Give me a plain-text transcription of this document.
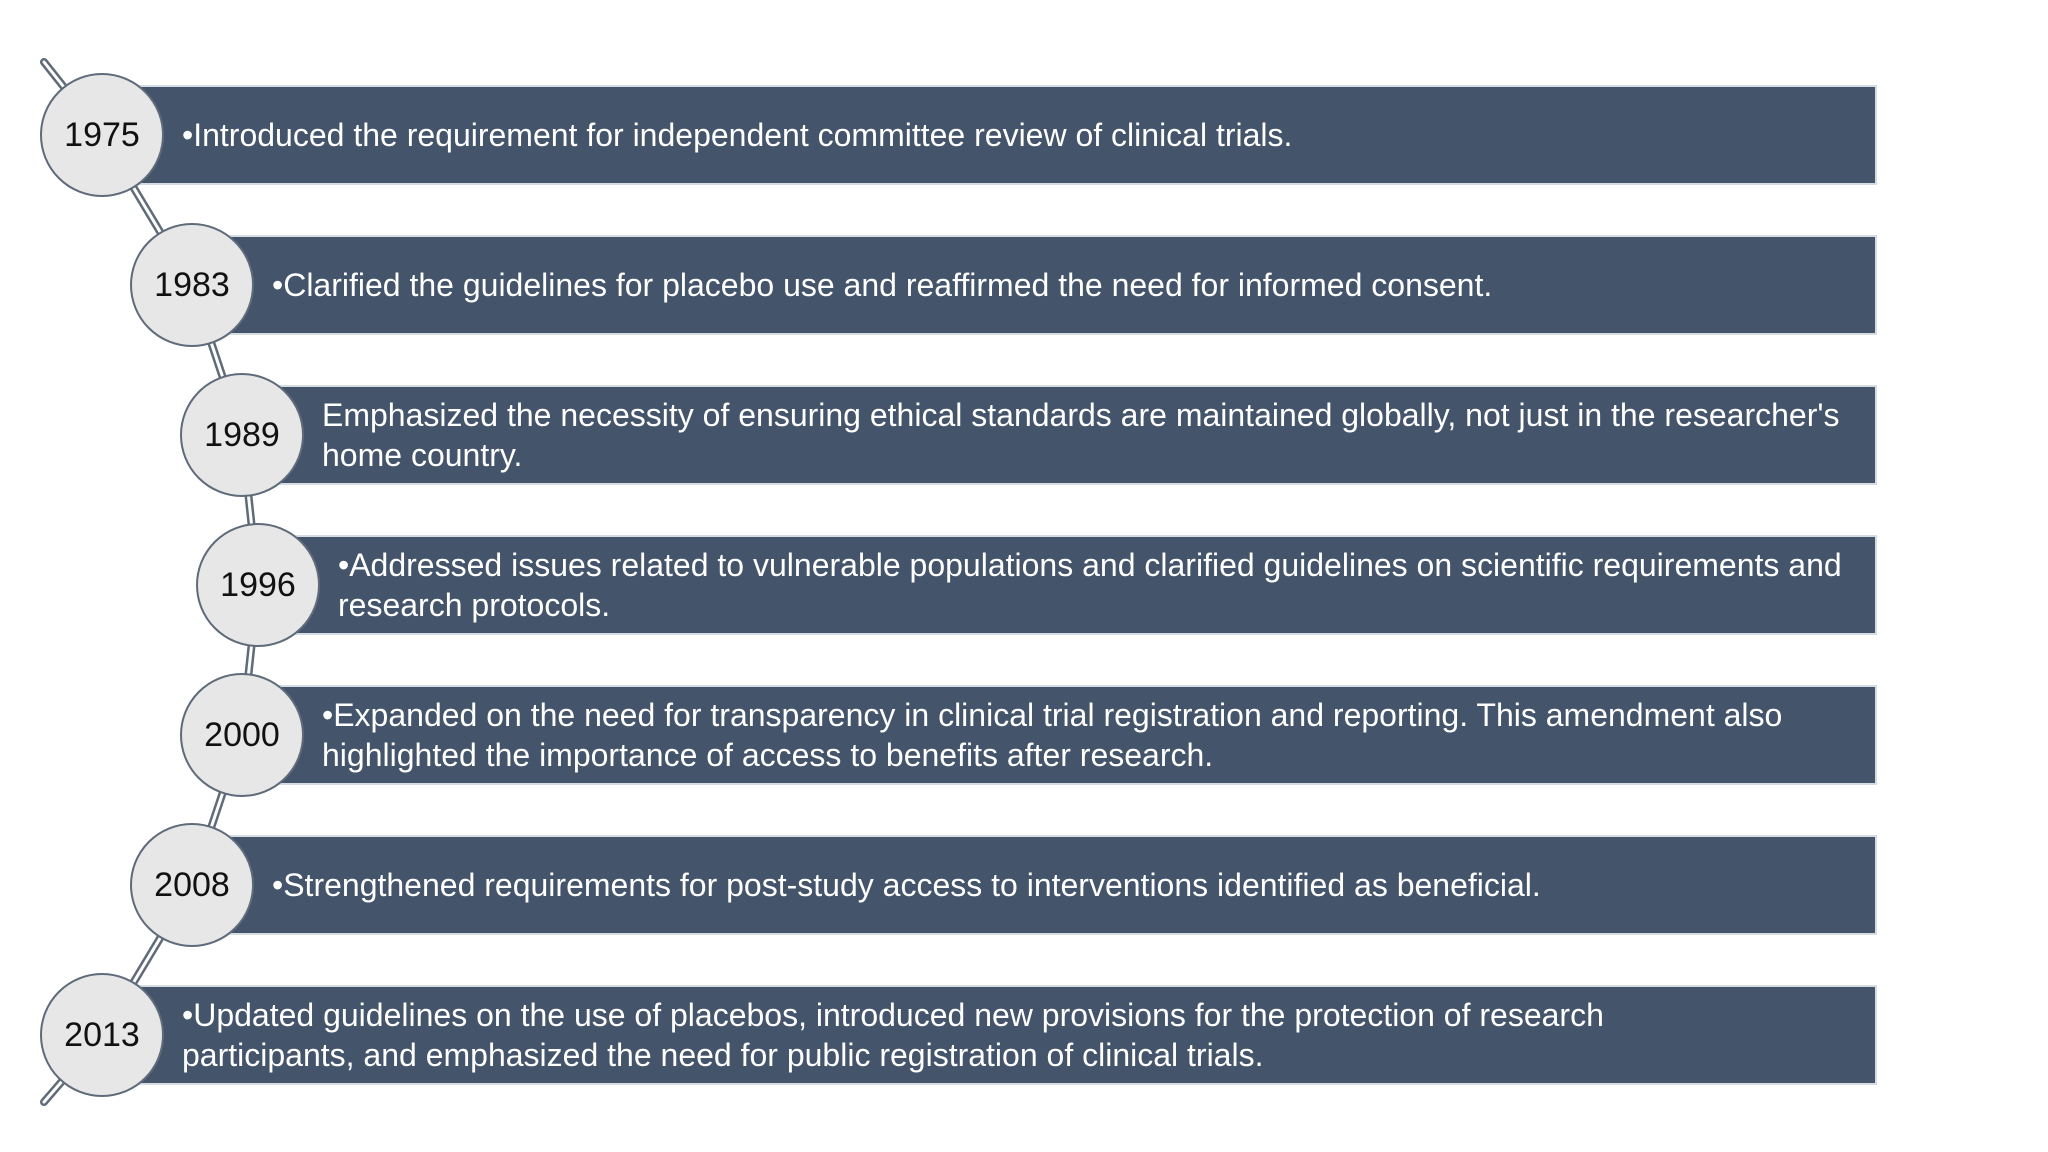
•Introduced the requirement for independent committee review of clinical trials.
1975
•Clarified the guidelines for placebo use and reaffirmed the need for informed consent.
1983
Emphasized the necessity of ensuring ethical standards are maintained globally, not just in the researcher's home country.
1989
•Addressed issues related to vulnerable populations and clarified guidelines on scientific requirements and research protocols.
1996
•Expanded on the need for transparency in clinical trial registration and reporting. This amendment also highlighted the importance of access to benefits after research.
2000
•Strengthened requirements for post-study access to interventions identified as beneficial.
2008
•Updated guidelines on the use of placebos, introduced new provisions for the protection of research participants, and emphasized the need for public registration of clinical trials.
2013
